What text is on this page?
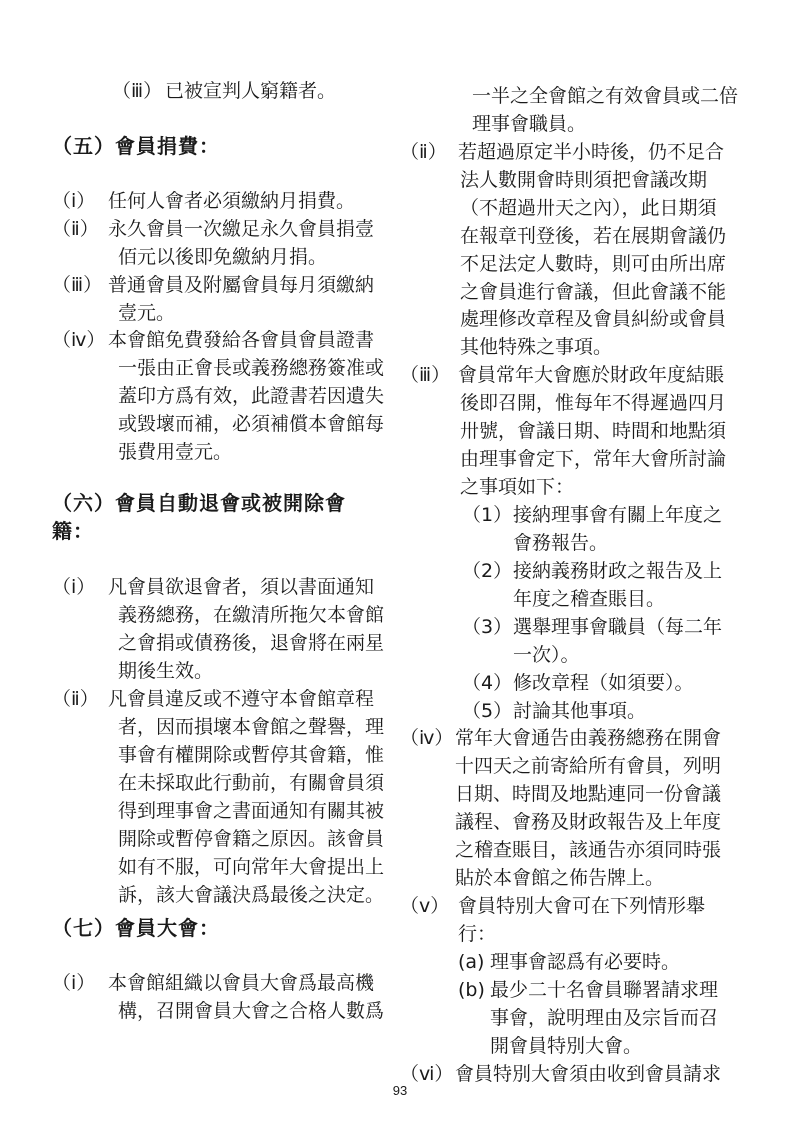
（ⅲ） 已被宣判人窮籍者。
（五）會員捐費：
（ⅰ） 任何人會者必須繳納月捐費。
（ⅱ） 永久會員一次繳足永久會員捐壹
佰元以後即免繳納月捐。
（ⅲ） 普通會員及附屬會員每月須繳納
壹元。
（ⅳ） 本會館免費發給各會員會員證書
一張由正會長或義務總務簽准或
蓋印方爲有效，此證書若因遺失
或毀壞而補，必須補償本會館每
張費用壹元。
（六）會員自動退會或被開除會
籍：
（ⅰ） 凡會員欲退會者，須以書面通知
義務總務，在繳清所拖欠本會館
之會捐或債務後，退會將在兩星
期後生效。
（ⅱ） 凡會員違反或不遵守本會館章程
者，因而損壞本會館之聲譽，理
事會有權開除或暫停其會籍，惟
在未採取此行動前，有關會員須
得到理事會之書面通知有關其被
開除或暫停會籍之原因。該會員
如有不服，可向常年大會提出上
訴，該大會議決爲最後之決定。
（七）會員大會：
（ⅰ） 本會館組織以會員大會爲最高機
構，召開會員大會之合格人數爲
一半之全會館之有效會員或二倍
理事會職員。
（ⅱ） 若超過原定半小時後，仍不足合
法人數開會時則須把會議改期
（不超過卅天之內），此日期須
在報章刊登後，若在展期會議仍
不足法定人數時，則可由所出席
之會員進行會議，但此會議不能
處理修改章程及會員糾紛或會員
其他特殊之事項。
（ⅲ） 會員常年大會應於財政年度結賬
後即召開，惟每年不得遲過四月
卅號，會議日期、時間和地點須
由理事會定下，常年大會所討論
之事項如下：
（1） 接納理事會有關上年度之
會務報告。
（2） 接納義務財政之報告及上
年度之稽查賬目。
（3） 選舉理事會職員（每二年
一次）。
（4） 修改章程（如須要）。
（5） 討論其他事項。
（ⅳ） 常年大會通告由義務總務在開會
十四天之前寄給所有會員，列明
日期、時間及地點連同一份會議
議程、會務及財政報告及上年度
之稽查賬目，該通告亦須同時張
貼於本會館之佈告牌上。
（ⅴ） 會員特別大會可在下列情形舉
行：
(a) 理事會認爲有必要時。
(b) 最少二十名會員聯署請求理
事會，說明理由及宗旨而召
開會員特別大會。
（ⅵ） 會員特別大會須由收到會員請求
93
